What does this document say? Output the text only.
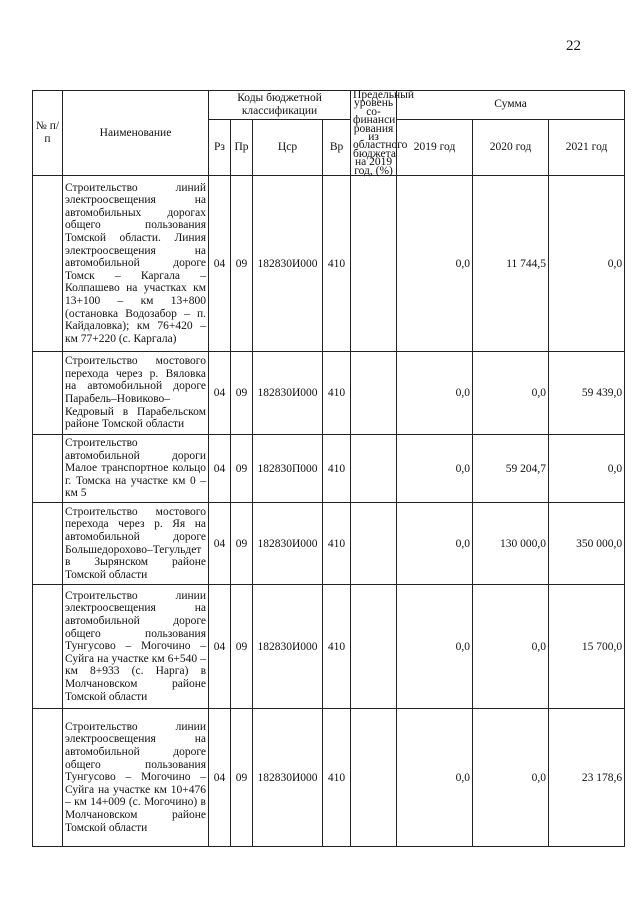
22
№ п/п	Наименование	Коды бюджетной классификации				Предельный уровень со-финанси рования из областного бюджета на 2019 год, (%)	Сумма		
		Рз	Пр	Цср	Вр		2019 год	2020 год	2021 год
	Строительство линий электроосвещения на автомобильных дорогах общего пользования Томской области. Линия электроосвещения на автомобильной дороге Томск – Каргала – Колпашево на участках км 13+100 – км 13+800 (остановка Водозабор – п. Кайдаловка); км 76+420 – км 77+220 (с. Каргала)	04	09	182830И000	410		0,0	11 744,5	0,0
	Строительство мостового перехода через р. Вяловка на автомобильной дороге Парабель–Новиково–Кедровый в Парабельском районе Томской области	04	09	182830И000	410		0,0	0,0	59 439,0
	Строительство автомобильной дороги Малое транспортное кольцо г. Томска на участке км 0 – км 5	04	09	182830П000	410		0,0	59 204,7	0,0
	Строительство мостового перехода через р. Яя на автомобильной дороге Большедорохово–Тегульдет в Зырянском районе Томской области	04	09	182830И000	410		0,0	130 000,0	350 000,0
	Строительство линии электроосвещения на автомобильной дороге общего пользования Тунгусово – Могочино – Суйга на участке км 6+540 – км 8+933 (с. Нарга) в Молчановском районе Томской области	04	09	182830И000	410		0,0	0,0	15 700,0
	Строительство линии электроосвещения на автомобильной дороге общего пользования Тунгусово – Могочино – Суйга на участке км 10+476 – км 14+009 (с. Могочино) в Молчановском районе Томской области	04	09	182830И000	410		0,0	0,0	23 178,6
